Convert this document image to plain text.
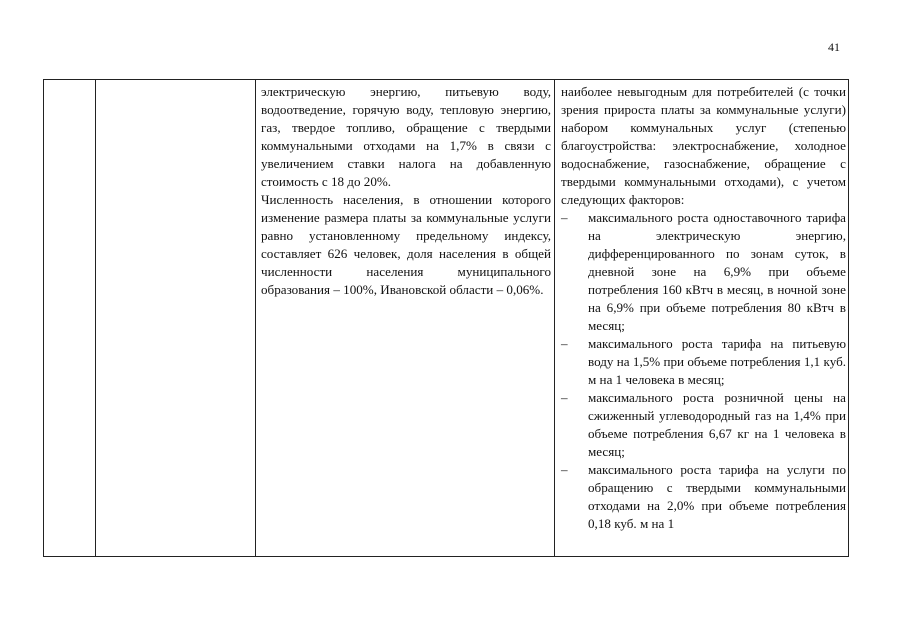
41

электрическую энергию, питьевую воду, водоотведение, горячую воду, тепловую энергию, газ, твердое топливо, обращение с твердыми коммунальными отходами на 1,7% в связи с увеличением ставки налога на добавленную стоимость с 18 до 20%.

Численность населения, в отношении которого изменение размера платы за коммунальные услуги равно установленному предельному индексу, составляет 626 человек, доля населения в общей численности населения муниципального образования – 100%, Ивановской области – 0,06%.

наиболее невыгодным для потребителей (с точки зрения прироста платы за коммунальные услуги) набором коммунальных услуг (степенью благоустройства: электроснабжение, холодное водоснабжение, газоснабжение, обращение с твердыми коммунальными отходами), с учетом следующих факторов:

– максимального роста одноставочного тарифа на электрическую энергию, дифференцированного по зонам суток, в дневной зоне на 6,9% при объеме потребления 160 кВтч в месяц, в ночной зоне на 6,9% при объеме потребления 80 кВтч в месяц;
– максимального роста тарифа на питьевую воду на 1,5% при объеме потребления 1,1 куб. м на 1 человека в месяц;
– максимального роста розничной цены на сжиженный углеводородный газ на 1,4% при объеме потребления 6,67 кг на 1 человека в месяц;
– максимального роста тарифа на услуги по обращению с твердыми коммунальными отходами на 2,0% при объеме потребления 0,18 куб. м на 1
